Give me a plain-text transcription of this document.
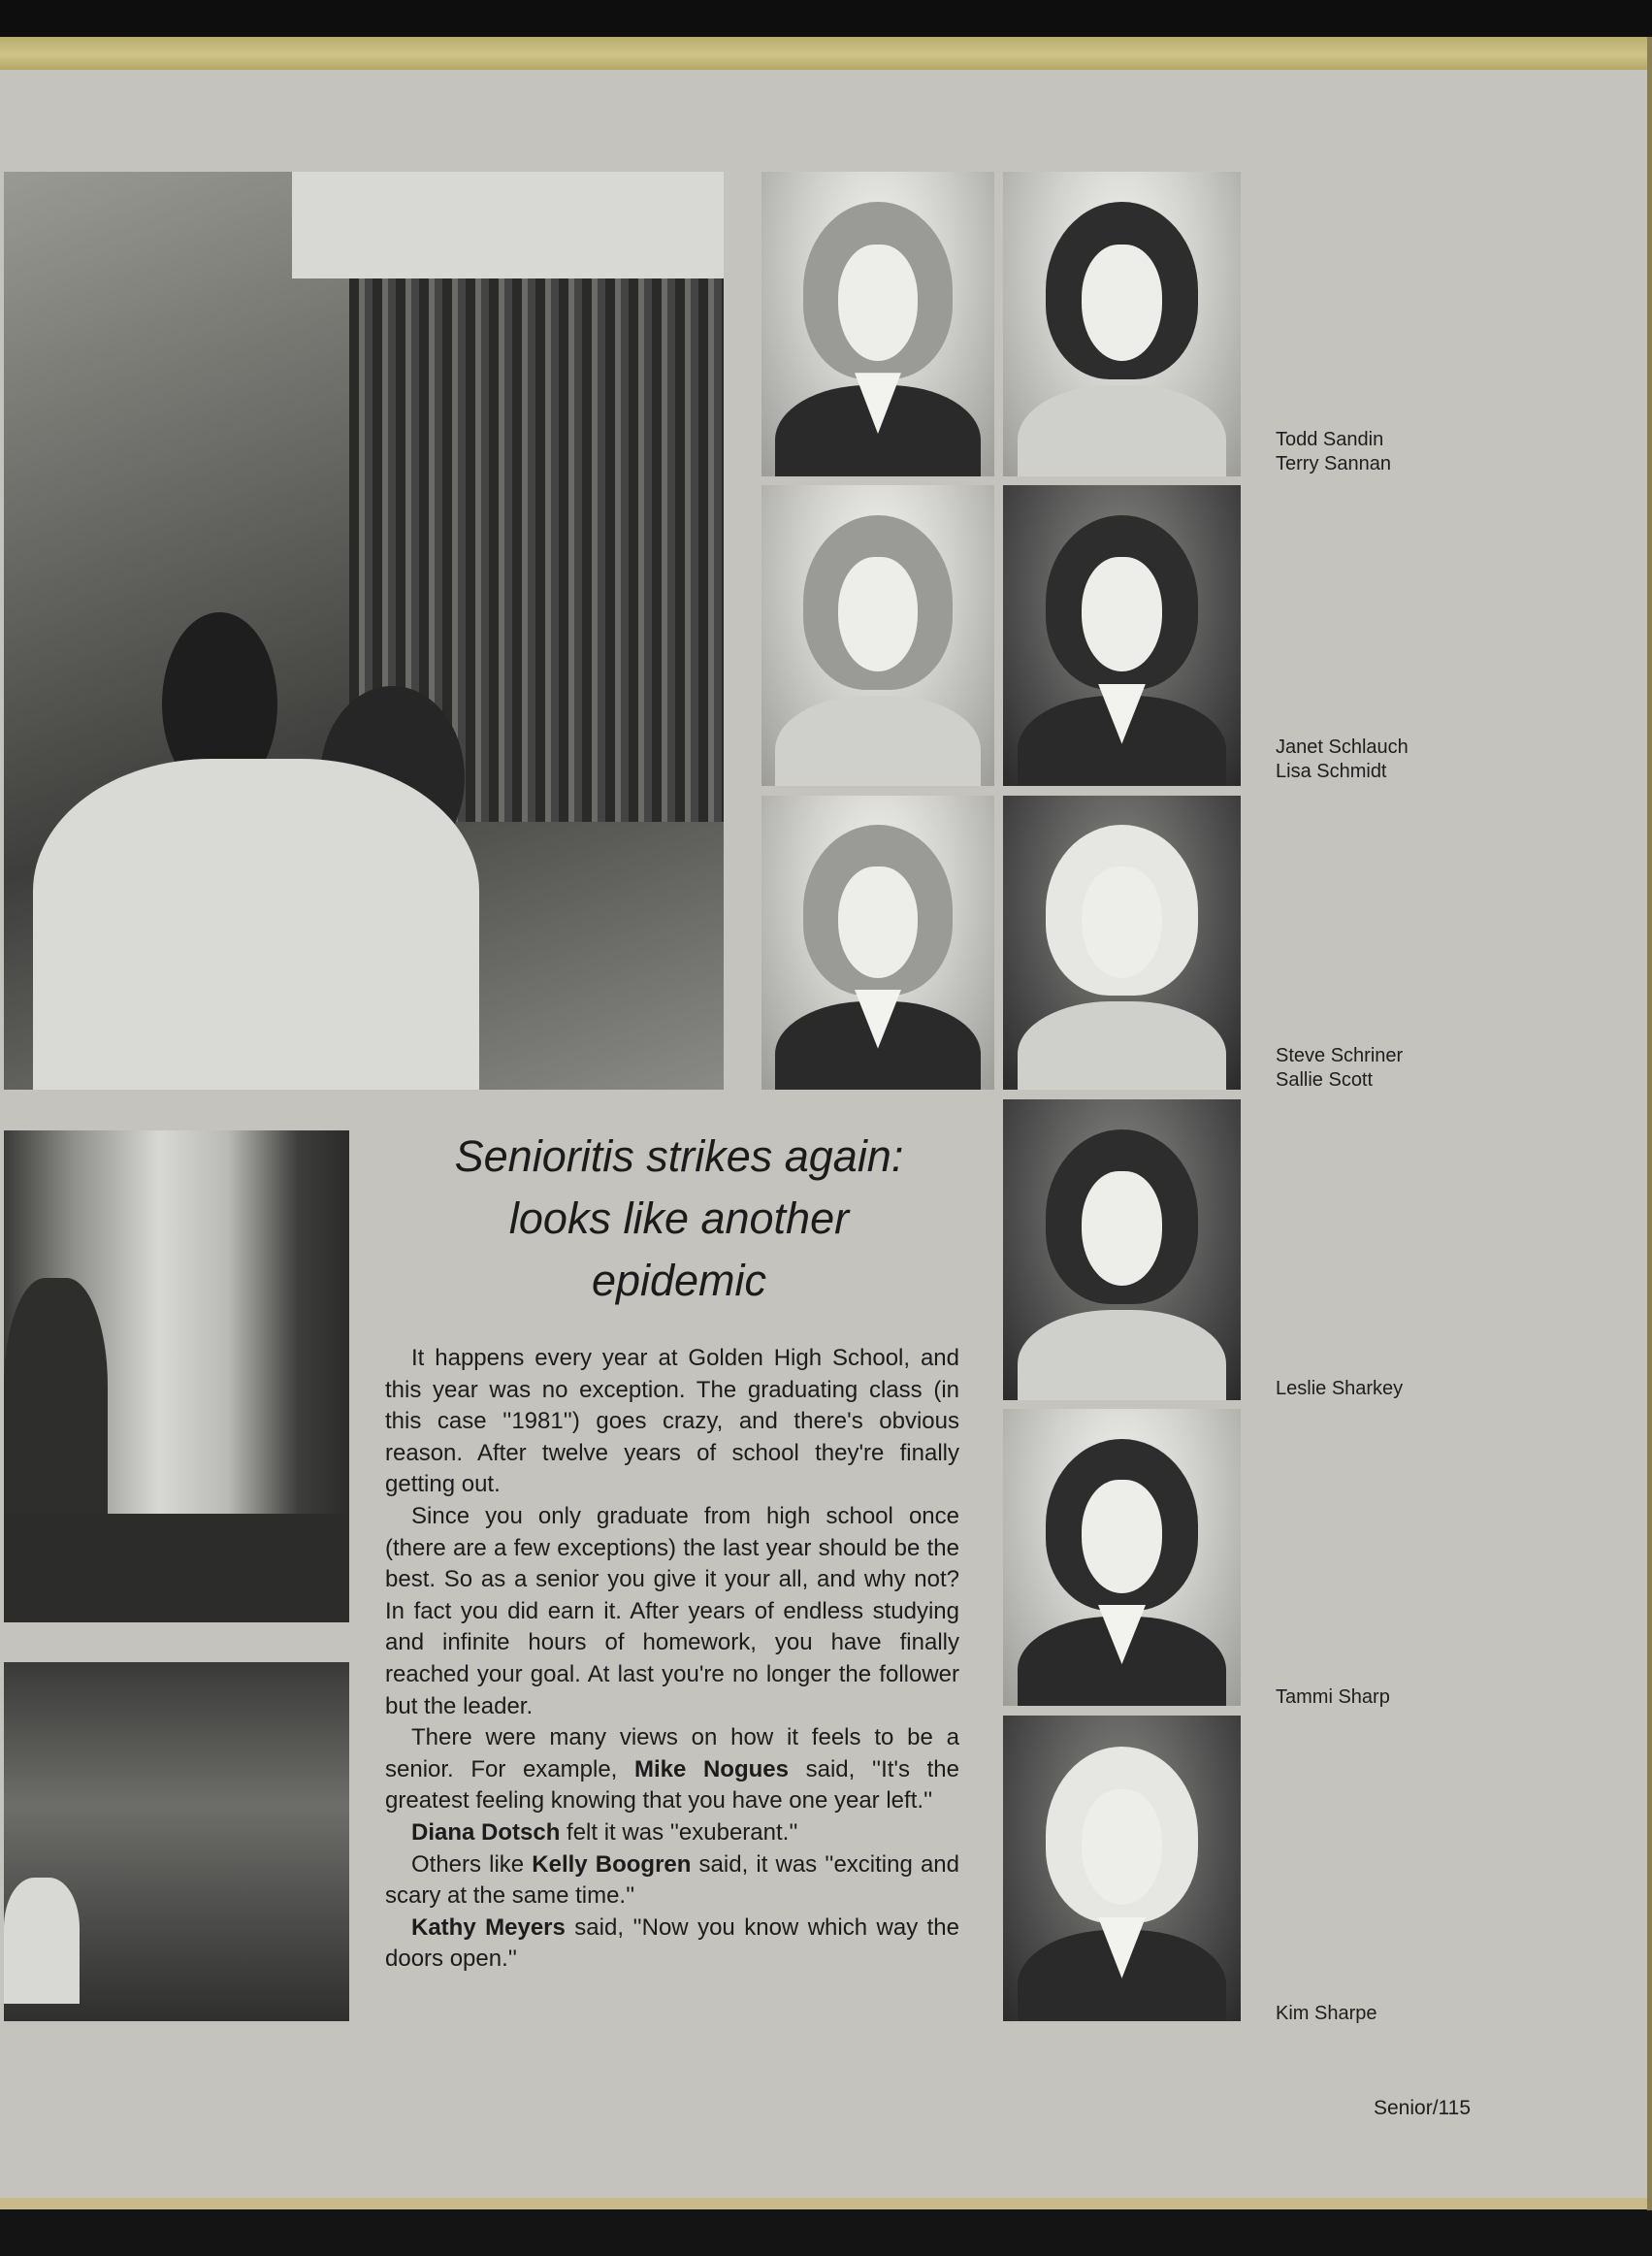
Todd Sandin
Terry Sannan
Janet Schlauch
Lisa Schmidt
Steve Schriner
Sallie Scott
Leslie Sharkey
Tammi Sharp
Kim Sharpe
Senioritis strikes again:
looks like another
epidemic

It happens every year at Golden High School, and this year was no exception. The graduating class (in this case ''1981'') goes crazy, and there's obvious reason. After twelve years of school they're finally getting out.

Since you only graduate from high school once (there are a few exceptions) the last year should be the best. So as a senior you give it your all, and why not? In fact you did earn it. After years of endless studying and infinite hours of homework, you have finally reached your goal. At last you're no longer the follower but the leader.

There were many views on how it feels to be a senior. For example, Mike Nogues said, ''It's the greatest feeling knowing that you have one year left.''

Diana Dotsch felt it was ''exuberant.''

Others like Kelly Boogren said, it was ''exciting and scary at the same time.''

Kathy Meyers said, ''Now you know which way the doors open.''

Senior/115
